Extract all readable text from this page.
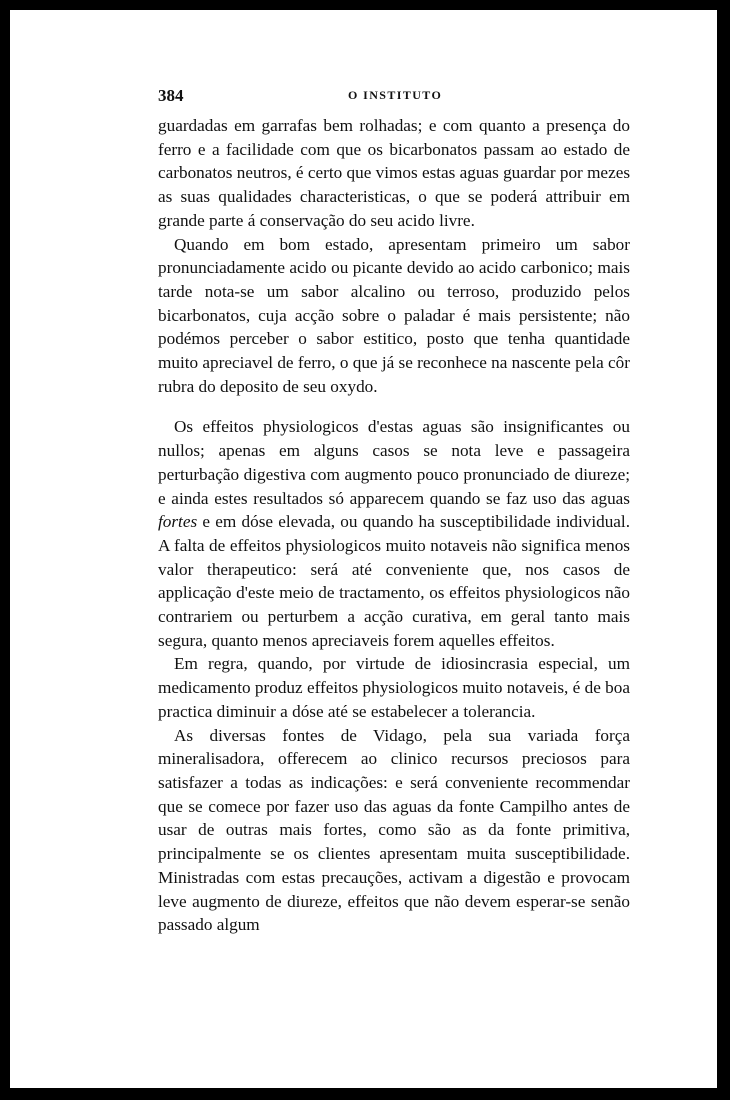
384	O INSTITUTO

guardadas em garrafas bem rolhadas; e com quanto a presença do ferro e a facilidade com que os bicarbonatos passam ao estado de carbonatos neutros, é certo que vimos estas aguas guardar por mezes as suas qualidades characteristicas, o que se poderá attribuir em grande parte á conservação do seu acido livre.

Quando em bom estado, apresentam primeiro um sabor pronunciadamente acido ou picante devido ao acido carbonico; mais tarde nota-se um sabor alcalino ou terroso, produzido pelos bicarbonatos, cuja acção sobre o paladar é mais persistente; não podémos perceber o sabor estitico, posto que tenha quantidade muito apreciavel de ferro, o que já se reconhece na nascente pela côr rubra do deposito de seu oxydo.

Os effeitos physiologicos d'estas aguas são insignificantes ou nullos; apenas em alguns casos se nota leve e passageira perturbação digestiva com augmento pouco pronunciado de diureze; e ainda estes resultados só apparecem quando se faz uso das aguas fortes e em dóse elevada, ou quando ha susceptibilidade individual. A falta de effeitos physiologicos muito notaveis não significa menos valor therapeutico: será até conveniente que, nos casos de applicação d'este meio de tractamento, os effeitos physiologicos não contrariem ou perturbem a acção curativa, em geral tanto mais segura, quanto menos apreciaveis forem aquelles effeitos.

Em regra, quando, por virtude de idiosincrasia especial, um medicamento produz effeitos physiologicos muito notaveis, é de boa practica diminuir a dóse até se estabelecer a tolerancia.

As diversas fontes de Vidago, pela sua variada força mineralisadora, offerecem ao clinico recursos preciosos para satisfazer a todas as indicações: e será conveniente recommendar que se comece por fazer uso das aguas da fonte Campilho antes de usar de outras mais fortes, como são as da fonte primitiva, principalmente se os clientes apresentam muita susceptibilidade. Ministradas com estas precauções, activam a digestão e provocam leve augmento de diureze, effeitos que não devem esperar-se senão passado algum
